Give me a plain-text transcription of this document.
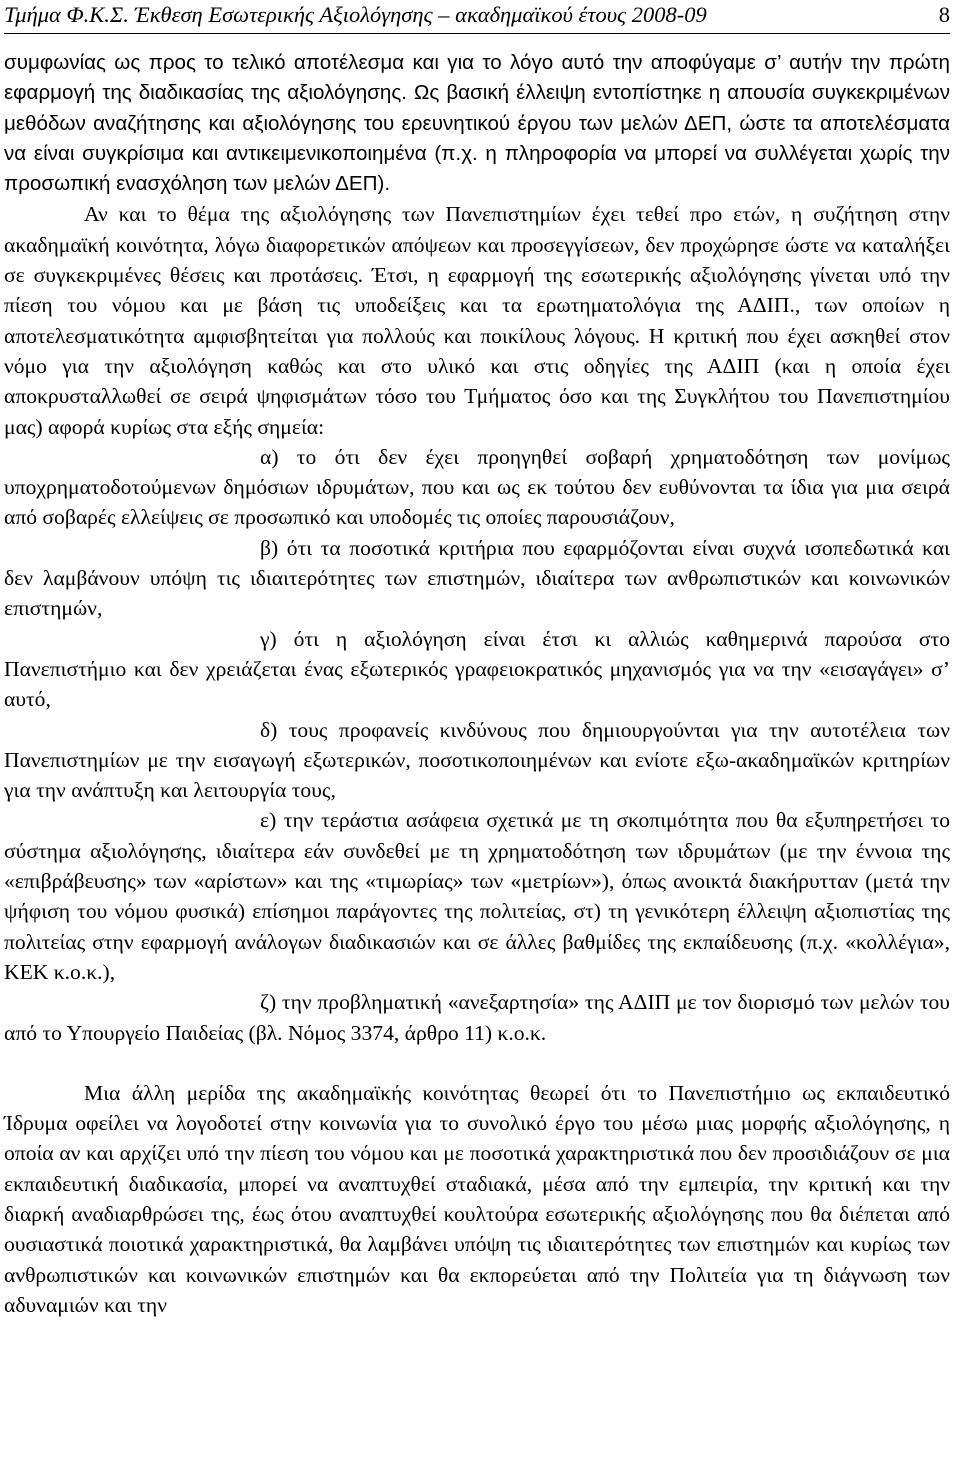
Τμήμα Φ.Κ.Σ. Έκθεση Εσωτερικής Αξιολόγησης – ακαδημαϊκού έτους 2008-09	8

συμφωνίας ως προς το τελικό αποτέλεσμα και για το λόγο αυτό την αποφύγαμε σ’ αυτήν την πρώτη εφαρμογή της διαδικασίας της αξιολόγησης. Ως βασική έλλειψη εντοπίστηκε η απουσία συγκεκριμένων μεθόδων αναζήτησης και αξιολόγησης του ερευνητικού έργου των μελών ΔΕΠ, ώστε τα αποτελέσματα να είναι συγκρίσιμα και αντικειμενικοποιημένα (π.χ. η πληροφορία να μπορεί να συλλέγεται χωρίς την προσωπική ενασχόληση των μελών ΔΕΠ).

Αν και το θέμα της αξιολόγησης των Πανεπιστημίων έχει τεθεί προ ετών, η συζήτηση στην ακαδημαϊκή κοινότητα, λόγω διαφορετικών απόψεων και προσεγγίσεων, δεν προχώρησε ώστε να καταλήξει σε συγκεκριμένες θέσεις και προτάσεις. Έτσι, η εφαρμογή της εσωτερικής αξιολόγησης γίνεται υπό την πίεση του νόμου και με βάση τις υποδείξεις και τα ερωτηματολόγια της ΑΔΙΠ., των οποίων η αποτελεσματικότητα αμφισβητείται για πολλούς και ποικίλους λόγους. Η κριτική που έχει ασκηθεί στον νόμο για την αξιολόγηση καθώς και στο υλικό και στις οδηγίες της ΑΔΙΠ (και η οποία έχει αποκρυσταλλωθεί σε σειρά ψηφισμάτων τόσο του Τμήματος όσο και της Συγκλήτου του Πανεπιστημίου μας) αφορά κυρίως στα εξής σημεία:

α) το ότι δεν έχει προηγηθεί σοβαρή χρηματοδότηση των μονίμως υποχρηματοδοτούμενων δημόσιων ιδρυμάτων, που και ως εκ τούτου δεν ευθύνονται τα ίδια για μια σειρά από σοβαρές ελλείψεις σε προσωπικό και υποδομές τις οποίες παρουσιάζουν,

β) ότι τα ποσοτικά κριτήρια που εφαρμόζονται είναι συχνά ισοπεδωτικά και δεν λαμβάνουν υπόψη τις ιδιαιτερότητες των επιστημών, ιδιαίτερα των ανθρωπιστικών και κοινωνικών επιστημών,

γ) ότι η αξιολόγηση είναι έτσι κι αλλιώς καθημερινά παρούσα στο Πανεπιστήμιο και δεν χρειάζεται ένας εξωτερικός γραφειοκρατικός μηχανισμός για να την «εισαγάγει» σ’ αυτό,

δ) τους προφανείς κινδύνους που δημιουργούνται για την αυτοτέλεια των Πανεπιστημίων με την εισαγωγή εξωτερικών, ποσοτικοποιημένων και ενίοτε εξω-ακαδημαϊκών κριτηρίων για την ανάπτυξη και λειτουργία τους,

ε) την τεράστια ασάφεια σχετικά με τη σκοπιμότητα που θα εξυπηρετήσει το σύστημα αξιολόγησης, ιδιαίτερα εάν συνδεθεί με τη χρηματοδότηση των ιδρυμάτων (με την έννοια της «επιβράβευσης» των «αρίστων» και της «τιμωρίας» των «μετρίων»), όπως ανοικτά διακήρυτταν (μετά την ψήφιση του νόμου φυσικά) επίσημοι παράγοντες της πολιτείας, στ) τη γενικότερη έλλειψη αξιοπιστίας της πολιτείας στην εφαρμογή ανάλογων διαδικασιών και σε άλλες βαθμίδες της εκπαίδευσης (π.χ. «κολλέγια», ΚΕΚ κ.ο.κ.),

ζ) την προβληματική «ανεξαρτησία» της ΑΔΙΠ με τον διορισμό των μελών του από το Υπουργείο Παιδείας (βλ. Νόμος 3374, άρθρο 11) κ.ο.κ.

Μια άλλη μερίδα της ακαδημαϊκής κοινότητας θεωρεί ότι το Πανεπιστήμιο ως εκπαιδευτικό Ίδρυμα οφείλει να λογοδοτεί στην κοινωνία για το συνολικό έργο του μέσω μιας μορφής αξιολόγησης, η οποία αν και αρχίζει υπό την πίεση του νόμου και με ποσοτικά χαρακτηριστικά που δεν προσιδιάζουν σε μια εκπαιδευτική διαδικασία, μπορεί να αναπτυχθεί σταδιακά, μέσα από την εμπειρία, την κριτική και την διαρκή αναδιαρθρώσει της, έως ότου αναπτυχθεί κουλτούρα εσωτερικής αξιολόγησης που θα διέπεται από ουσιαστικά ποιοτικά χαρακτηριστικά, θα λαμβάνει υπόψη τις ιδιαιτερότητες των επιστημών και κυρίως των ανθρωπιστικών και κοινωνικών επιστημών και θα εκπορεύεται από την Πολιτεία για τη διάγνωση των αδυναμιών και την
